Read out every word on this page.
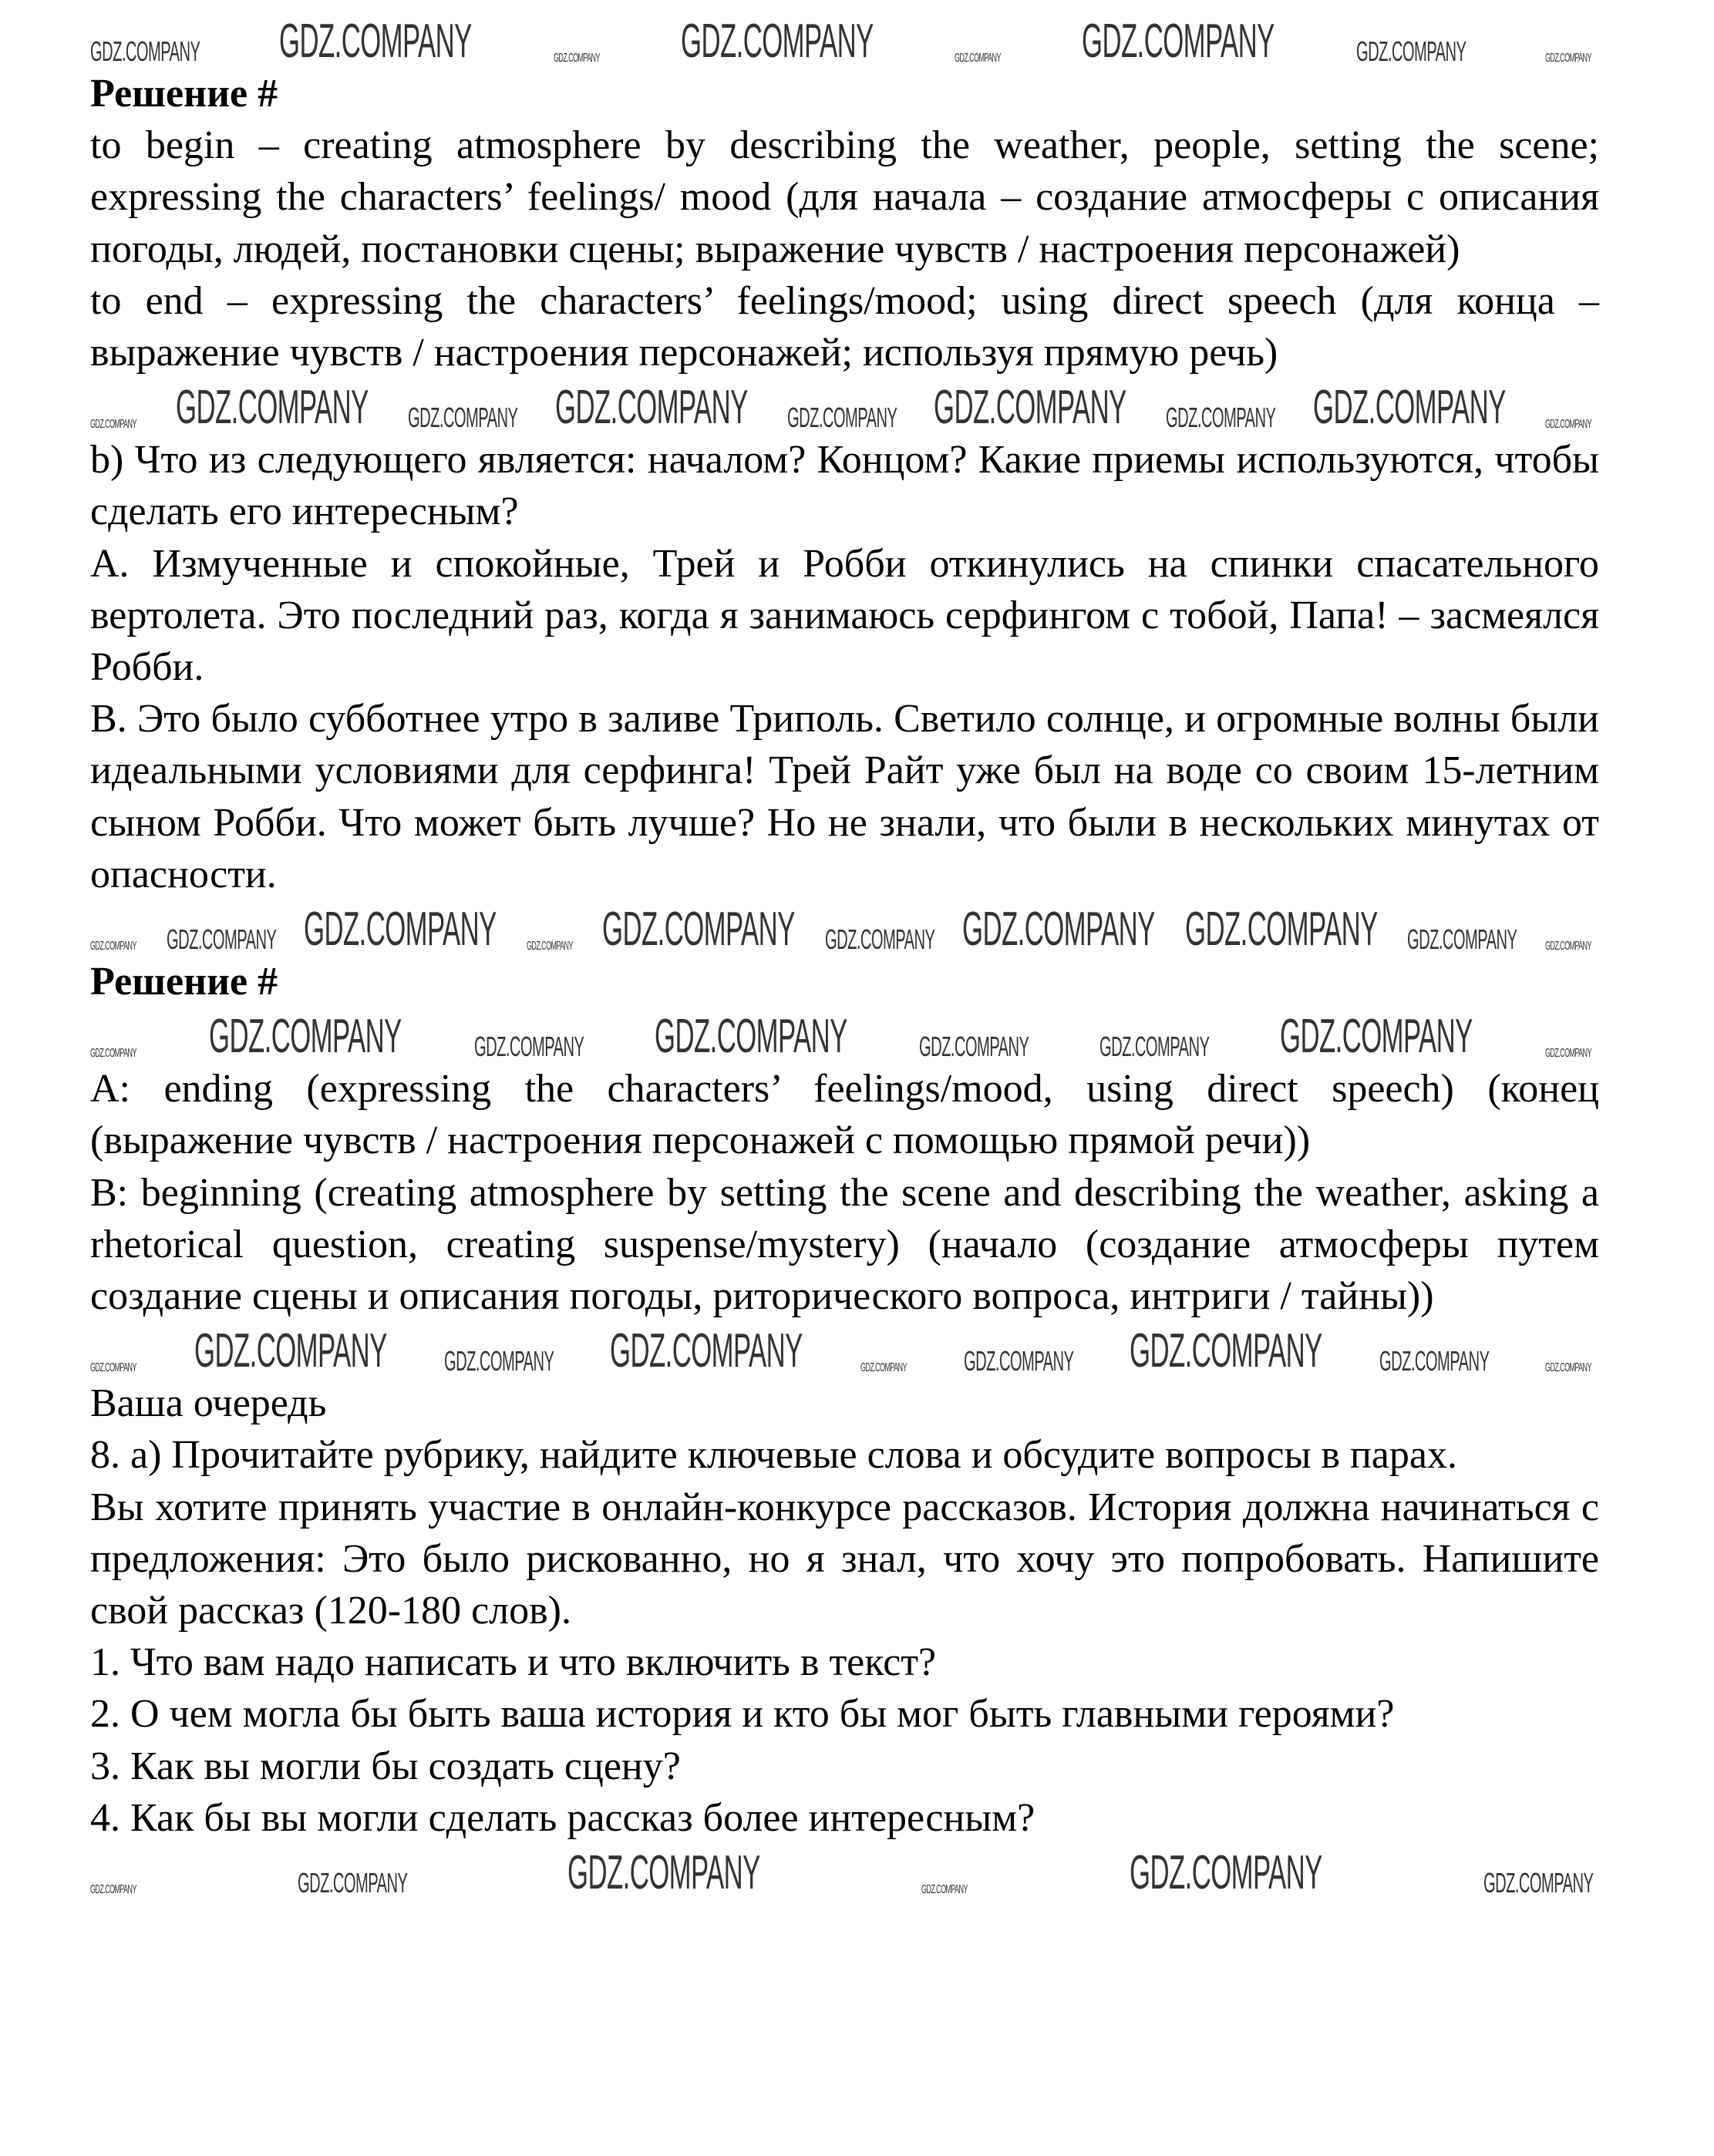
GDZ.COMPANY GDZ.COMPANY	GDZ.COMPANY GDZ.COMPANY	GDZ.COMPANY GDZ.COMPANY	GDZ.COMPANY	GDZ.COMPANY
Решение #

to begin – creating atmosphere by describing the weather, people, setting the scene; expressing the characters’ feelings/ mood (для начала – создание атмосферы с описания погоды, людей, постановки сцены; выражение чувств / настроения персонажей)

to end – expressing the characters’ feelings/mood; using direct speech (для конца – выражение чувств / настроения персонажей; используя прямую речь)

GDZ.COMPANY GDZ.COMPANY GDZ.COMPANY GDZ.COMPANY GDZ.COMPANY GDZ.COMPANY GDZ.COMPANY GDZ.COMPANY	GDZ.COMPANY

b) Что из следующего является: началом? Концом? Какие приемы используются, чтобы сделать его интересным?

A. Измученные и спокойные, Трей и Робби откинулись на спинки спасательного вертолета. Это последний раз, когда я занимаюсь серфингом с тобой, Папа! – засмеялся Робби.

B. Это было субботнее утро в заливе Триполь. Светило солнце, и огромные волны были идеальными условиями для серфинга! Трей Райт уже был на воде со своим 15-летним сыном Робби. Что может быть лучше? Но не знали, что были в нескольких минутах от опасности.

GDZ.COMPANY GDZ.COMPANY GDZ.COMPANY GDZ.COMPANY GDZ.COMPANY GDZ.COMPANY GDZ.COMPANY GDZ.COMPANY GDZ.COMPANY GDZ.COMPANY
Решение #
GDZ.COMPANY GDZ.COMPANY	GDZ.COMPANY GDZ.COMPANY	GDZ.COMPANY	GDZ.COMPANY GDZ.COMPANY	GDZ.COMPANY

A: ending (expressing the characters’ feelings/mood, using direct speech) (конец (выражение чувств / настроения персонажей с помощью прямой речи))

B: beginning (creating atmosphere by setting the scene and describing the weather, asking a rhetorical question, creating suspense/mystery) (начало (создание атмосферы путем создание сцены и описания погоды, риторического вопроса, интриги / тайны))

GDZ.COMPANY GDZ.COMPANY GDZ.COMPANY GDZ.COMPANY	GDZ.COMPANY GDZ.COMPANY GDZ.COMPANY GDZ.COMPANY	GDZ.COMPANY

Ваша очередь

8. a) Прочитайте рубрику, найдите ключевые слова и обсудите вопросы в парах.

Вы хотите принять участие в онлайн-конкурсе рассказов. История должна начинаться с предложения: Это было рискованно, но я знал, что хочу это попробовать. Напишите свой рассказ (120-180 слов).

1. Что вам надо написать и что включить в текст?

2. О чем могла бы быть ваша история и кто бы мог быть главными героями?

3. Как вы могли бы создать сцену?

4. Как бы вы могли сделать рассказ более интересным?

GDZ.COMPANY	GDZ.COMPANY	GDZ.COMPANY	GDZ.COMPANY	GDZ.COMPANY	GDZ.COMPANY
